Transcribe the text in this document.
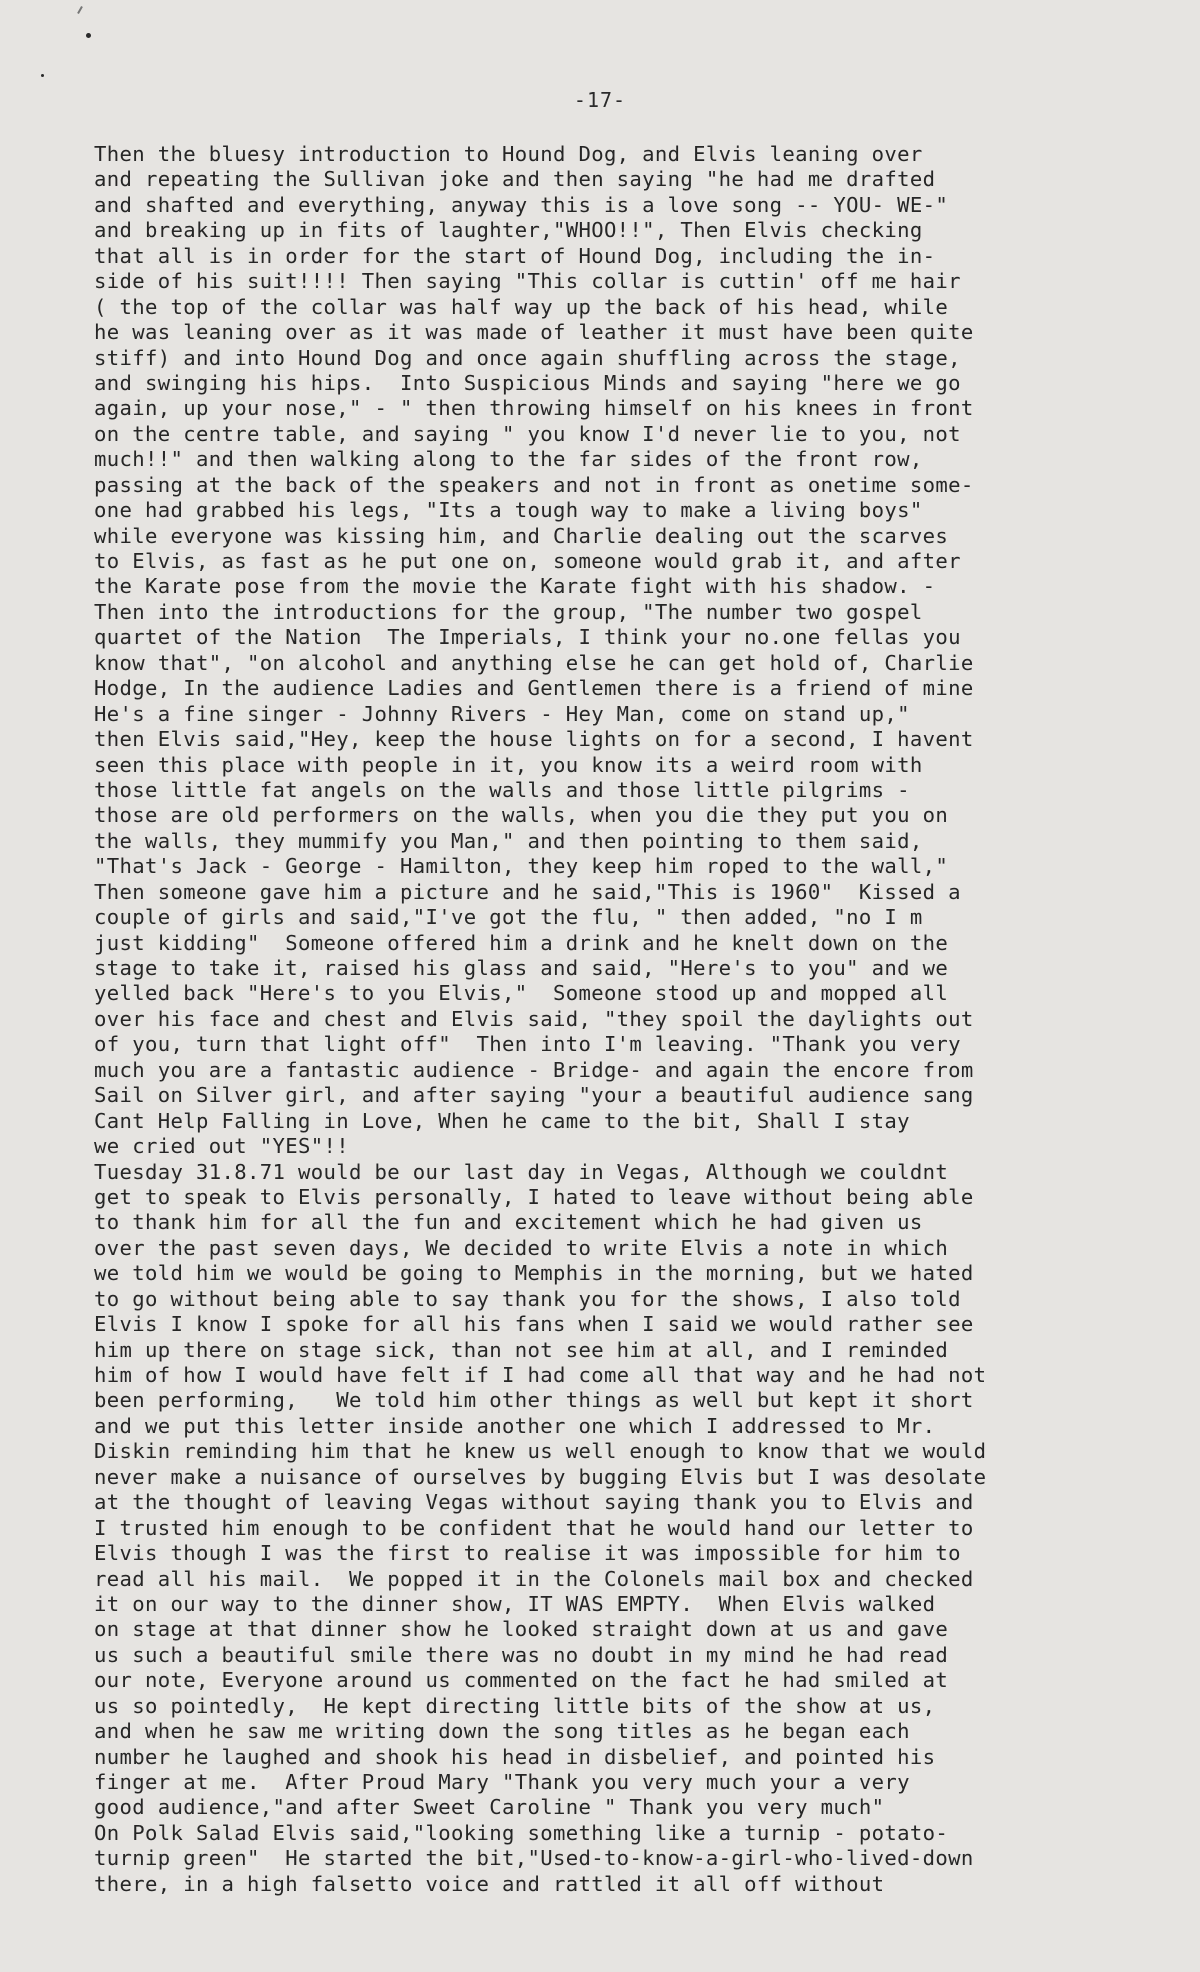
-17-
Then the bluesy introduction to Hound Dog, and Elvis leaning over
and repeating the Sullivan joke and then saying "he had me drafted
and shafted and everything, anyway this is a love song -- YOU- WE-"
and breaking up in fits of laughter,"WHOO!!", Then Elvis checking
that all is in order for the start of Hound Dog, including the in-
side of his suit!!!! Then saying "This collar is cuttin' off me hair
( the top of the collar was half way up the back of his head, while
he was leaning over as it was made of leather it must have been quite
stiff) and into Hound Dog and once again shuffling across the stage,
and swinging his hips.  Into Suspicious Minds and saying "here we go
again, up your nose," - " then throwing himself on his knees in front
on the centre table, and saying " you know I'd never lie to you, not
much!!" and then walking along to the far sides of the front row,
passing at the back of the speakers and not in front as onetime some-
one had grabbed his legs, "Its a tough way to make a living boys"
while everyone was kissing him, and Charlie dealing out the scarves
to Elvis, as fast as he put one on, someone would grab it, and after
the Karate pose from the movie the Karate fight with his shadow. -
Then into the introductions for the group, "The number two gospel
quartet of the Nation  The Imperials, I think your no.one fellas you
know that", "on alcohol and anything else he can get hold of, Charlie
Hodge, In the audience Ladies and Gentlemen there is a friend of mine
He's a fine singer - Johnny Rivers - Hey Man, come on stand up,"
then Elvis said,"Hey, keep the house lights on for a second, I havent
seen this place with people in it, you know its a weird room with
those little fat angels on the walls and those little pilgrims -
those are old performers on the walls, when you die they put you on
the walls, they mummify you Man," and then pointing to them said,
"That's Jack - George - Hamilton, they keep him roped to the wall,"
Then someone gave him a picture and he said,"This is 1960"  Kissed a
couple of girls and said,"I've got the flu, " then added, "no I m
just kidding"  Someone offered him a drink and he knelt down on the
stage to take it, raised his glass and said, "Here's to you" and we
yelled back "Here's to you Elvis,"  Someone stood up and mopped all
over his face and chest and Elvis said, "they spoil the daylights out
of you, turn that light off"  Then into I'm leaving. "Thank you very
much you are a fantastic audience - Bridge- and again the encore from
Sail on Silver girl, and after saying "your a beautiful audience sang
Cant Help Falling in Love, When he came to the bit, Shall I stay
we cried out "YES"!!
Tuesday 31.8.71 would be our last day in Vegas, Although we couldnt
get to speak to Elvis personally, I hated to leave without being able
to thank him for all the fun and excitement which he had given us
over the past seven days, We decided to write Elvis a note in which
we told him we would be going to Memphis in the morning, but we hated
to go without being able to say thank you for the shows, I also told
Elvis I know I spoke for all his fans when I said we would rather see
him up there on stage sick, than not see him at all, and I reminded
him of how I would have felt if I had come all that way and he had not
been performing,   We told him other things as well but kept it short
and we put this letter inside another one which I addressed to Mr.
Diskin reminding him that he knew us well enough to know that we would
never make a nuisance of ourselves by bugging Elvis but I was desolate
at the thought of leaving Vegas without saying thank you to Elvis and
I trusted him enough to be confident that he would hand our letter to
Elvis though I was the first to realise it was impossible for him to
read all his mail.  We popped it in the Colonels mail box and checked
it on our way to the dinner show, IT WAS EMPTY.  When Elvis walked
on stage at that dinner show he looked straight down at us and gave
us such a beautiful smile there was no doubt in my mind he had read
our note, Everyone around us commented on the fact he had smiled at
us so pointedly,  He kept directing little bits of the show at us,
and when he saw me writing down the song titles as he began each
number he laughed and shook his head in disbelief, and pointed his
finger at me.  After Proud Mary "Thank you very much your a very
good audience,"and after Sweet Caroline " Thank you very much"
On Polk Salad Elvis said,"looking something like a turnip - potato-
turnip green"  He started the bit,"Used-to-know-a-girl-who-lived-down
there, in a high falsetto voice and rattled it all off without
